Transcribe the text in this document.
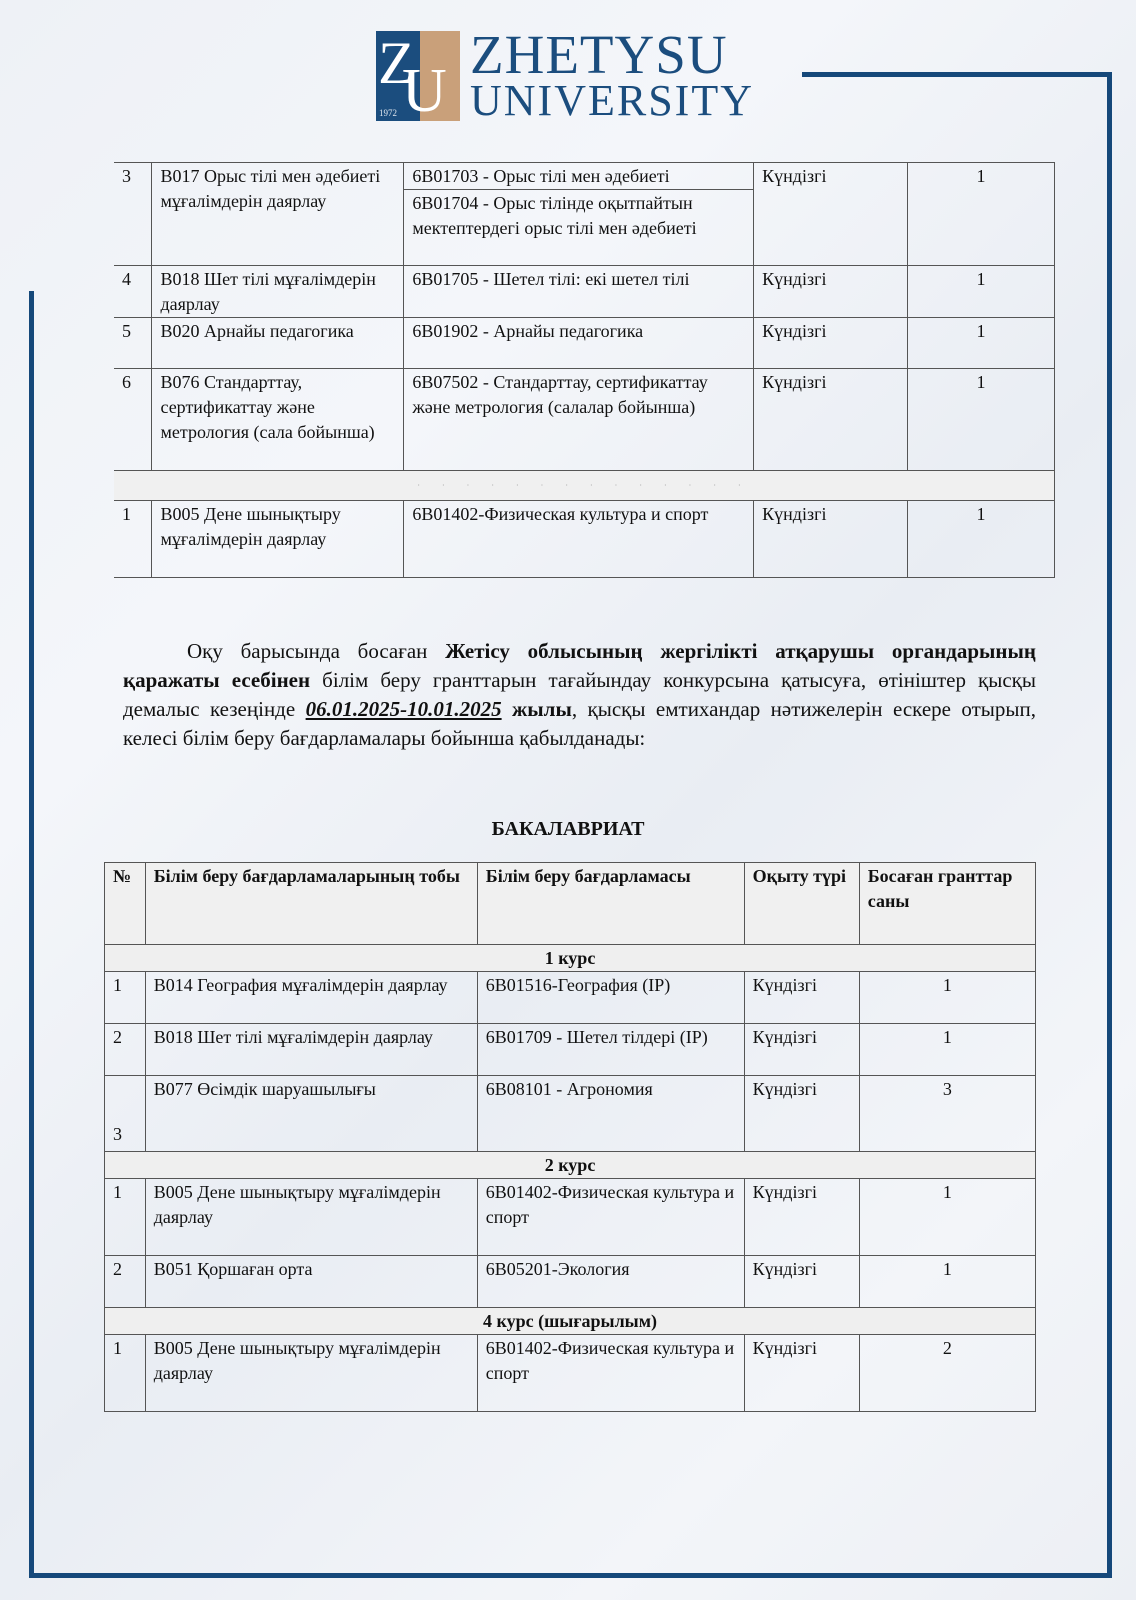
Z
1972 U
ZHETYSU
UNIVERSITY
3	В017 Орыс тілі мен әдебиеті мұғалімдерін даярлау	6В01703 - Орыс тілі мен әдебиеті	Күндізгі	1
		6В01704 - Орыс тілінде оқытпайтын мектептердегі орыс тілі мен әдебиеті		
4	В018 Шет тілі мұғалімдерін даярлау	6В01705 - Шетел тілі: екі шетел тілі	Күндізгі	1
5	В020 Арнайы педагогика	6В01902 - Арнайы педагогика	Күндізгі	1
6	В076 Стандарттау, сертификаттау және метрология (сала бойынша)	6В07502 - Стандарттау, сертификаттау және метрология (салалар бойынша)	Күндізгі	1
· · · · · · · · · · · · · ·				
1	В005 Дене шынықтыру мұғалімдерін даярлау	6В01402-Физическая культура и спорт	Күндізгі	1

Оқу барысында босаған Жетісу облысының жергілікті атқарушы органдарының қаражаты есебінен білім беру гранттарын тағайындау конкурсына қатысуға, өтініштер қысқы демалыс кезеңінде 06.01.2025-10.01.2025 жылы, қысқы емтихандар нәтижелерін ескере отырып, келесі білім беру бағдарламалары бойынша қабылданады:

БАКАЛАВРИАТ
№	Білім беру бағдарламаларының тобы	Білім беру бағдарламасы	Оқыту түрі	Босаған гранттар саны
1 курс				
1	В014 География мұғалімдерін даярлау	6В01516-География (IP)	Күндізгі	1
2	В018 Шет тілі мұғалімдерін даярлау	6В01709 - Шетел тілдері (IP)	Күндізгі	1
3	В077 Өсімдік шаруашылығы	6В08101 - Агрономия	Күндізгі	3
2 курс				
1	В005 Дене шынықтыру мұғалімдерін даярлау	6В01402-Физическая культура и спорт	Күндізгі	1
2	В051 Қоршаған орта	6В05201-Экология	Күндізгі	1
4 курс (шығарылым)				
1	В005 Дене шынықтыру мұғалімдерін даярлау	6В01402-Физическая культура и спорт	Күндізгі	2
